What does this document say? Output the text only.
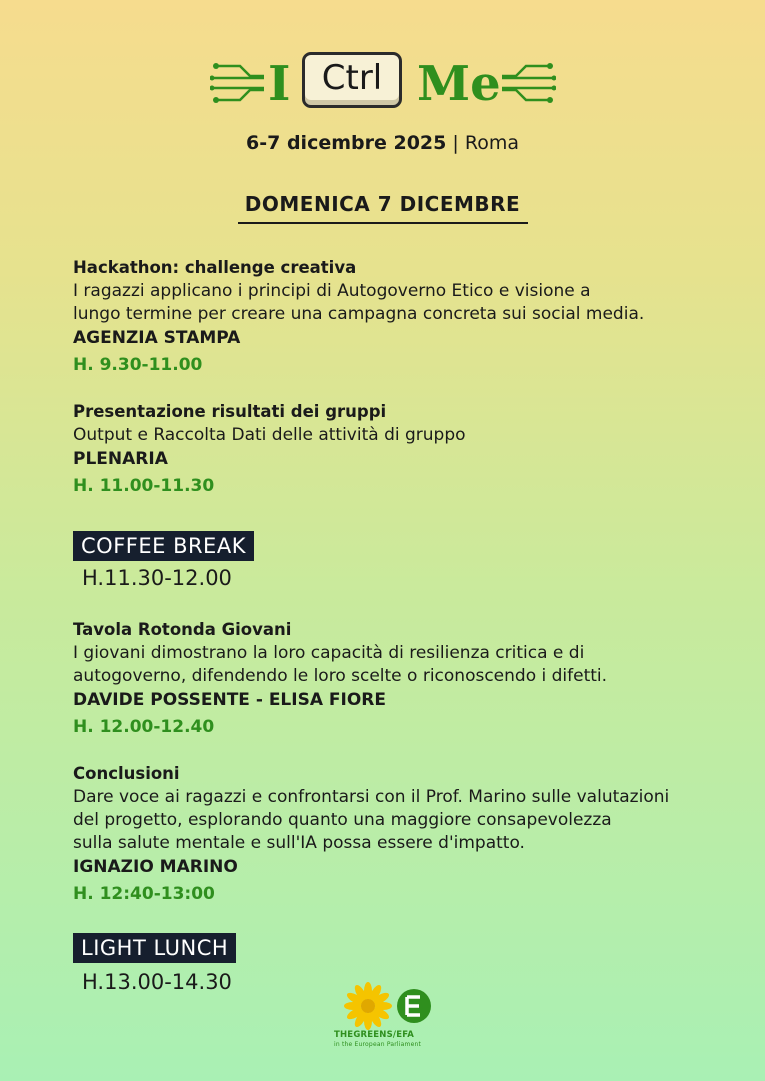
I Ctrl Me
6-7 dicembre 2025 | Roma
DOMENICA 7 DICEMBRE
Hackathon: challenge creativa
I ragazzi applicano i principi di Autogoverno Etico e visione a
lungo termine per creare una campagna concreta sui social media.
AGENZIA STAMPA
H. 9.30-11.00
Presentazione risultati dei gruppi
Output e Raccolta Dati delle attività di gruppo
PLENARIA
H. 11.00-11.30
COFFEE BREAK
H.11.30-12.00
Tavola Rotonda Giovani
I giovani dimostrano la loro capacità di resilienza critica e di
autogoverno, difendendo le loro scelte o riconoscendo i difetti.
DAVIDE POSSENTE - ELISA FIORE
H. 12.00-12.40
Conclusioni
Dare voce ai ragazzi e confrontarsi con il Prof. Marino sulle valutazioni
del progetto, esplorando quanto una maggiore consapevolezza
sulla salute mentale e sull'IA possa essere d'impatto.
IGNAZIO MARINO
H. 12:40-13:00
LIGHT LUNCH
H.13.00-14.30
THEGREENS/EFA
in the European Parliament
